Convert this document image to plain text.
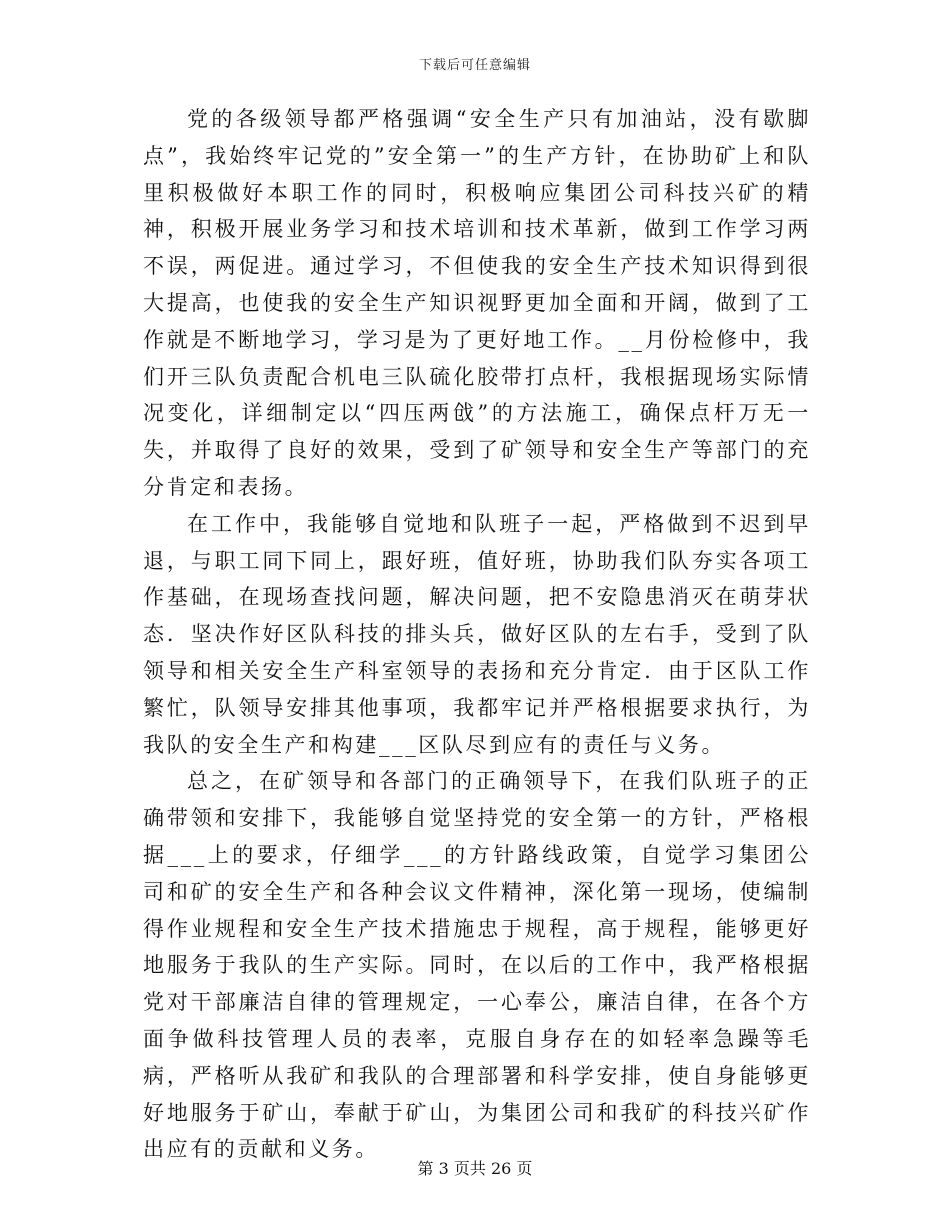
下载后可任意编辑

党的各级领导都严格强调“安全生产只有加油站，没有歇脚点”，我始终牢记党的”安全第一”的生产方针，在协助矿上和队里积极做好本职工作的同时，积极响应集团公司科技兴矿的精神，积极开展业务学习和技术培训和技术革新，做到工作学习两不误，两促进。通过学习，不但使我的安全生产技术知识得到很大提高，也使我的安全生产知识视野更加全面和开阔，做到了工作就是不断地学习，学习是为了更好地工作。__月份检修中，我们开三队负责配合机电三队硫化胶带打点杆，我根据现场实际情况变化，详细制定以“四压两戗”的方法施工，确保点杆万无一失，并取得了良好的效果，受到了矿领导和安全生产等部门的充分肯定和表扬。

在工作中，我能够自觉地和队班子一起，严格做到不迟到早退，与职工同下同上，跟好班，值好班，协助我们队夯实各项工作基础，在现场查找问题，解决问题，把不安隐患消灭在萌芽状态．坚决作好区队科技的排头兵，做好区队的左右手，受到了队领导和相关安全生产科室领导的表扬和充分肯定．由于区队工作繁忙，队领导安排其他事项，我都牢记并严格根据要求执行，为我队的安全生产和构建___区队尽到应有的责任与义务。

总之，在矿领导和各部门的正确领导下，在我们队班子的正确带领和安排下，我能够自觉坚持党的安全第一的方针，严格根据___上的要求，仔细学___的方针路线政策，自觉学习集团公司和矿的安全生产和各种会议文件精神，深化第一现场，使编制得作业规程和安全生产技术措施忠于规程，高于规程，能够更好地服务于我队的生产实际。同时，在以后的工作中，我严格根据党对干部廉洁自律的管理规定，一心奉公，廉洁自律，在各个方面争做科技管理人员的表率，克服自身存在的如轻率急躁等毛病，严格听从我矿和我队的合理部署和科学安排，使自身能够更好地服务于矿山，奉献于矿山，为集团公司和我矿的科技兴矿作出应有的贡献和义务。

第 3 页共 26 页
